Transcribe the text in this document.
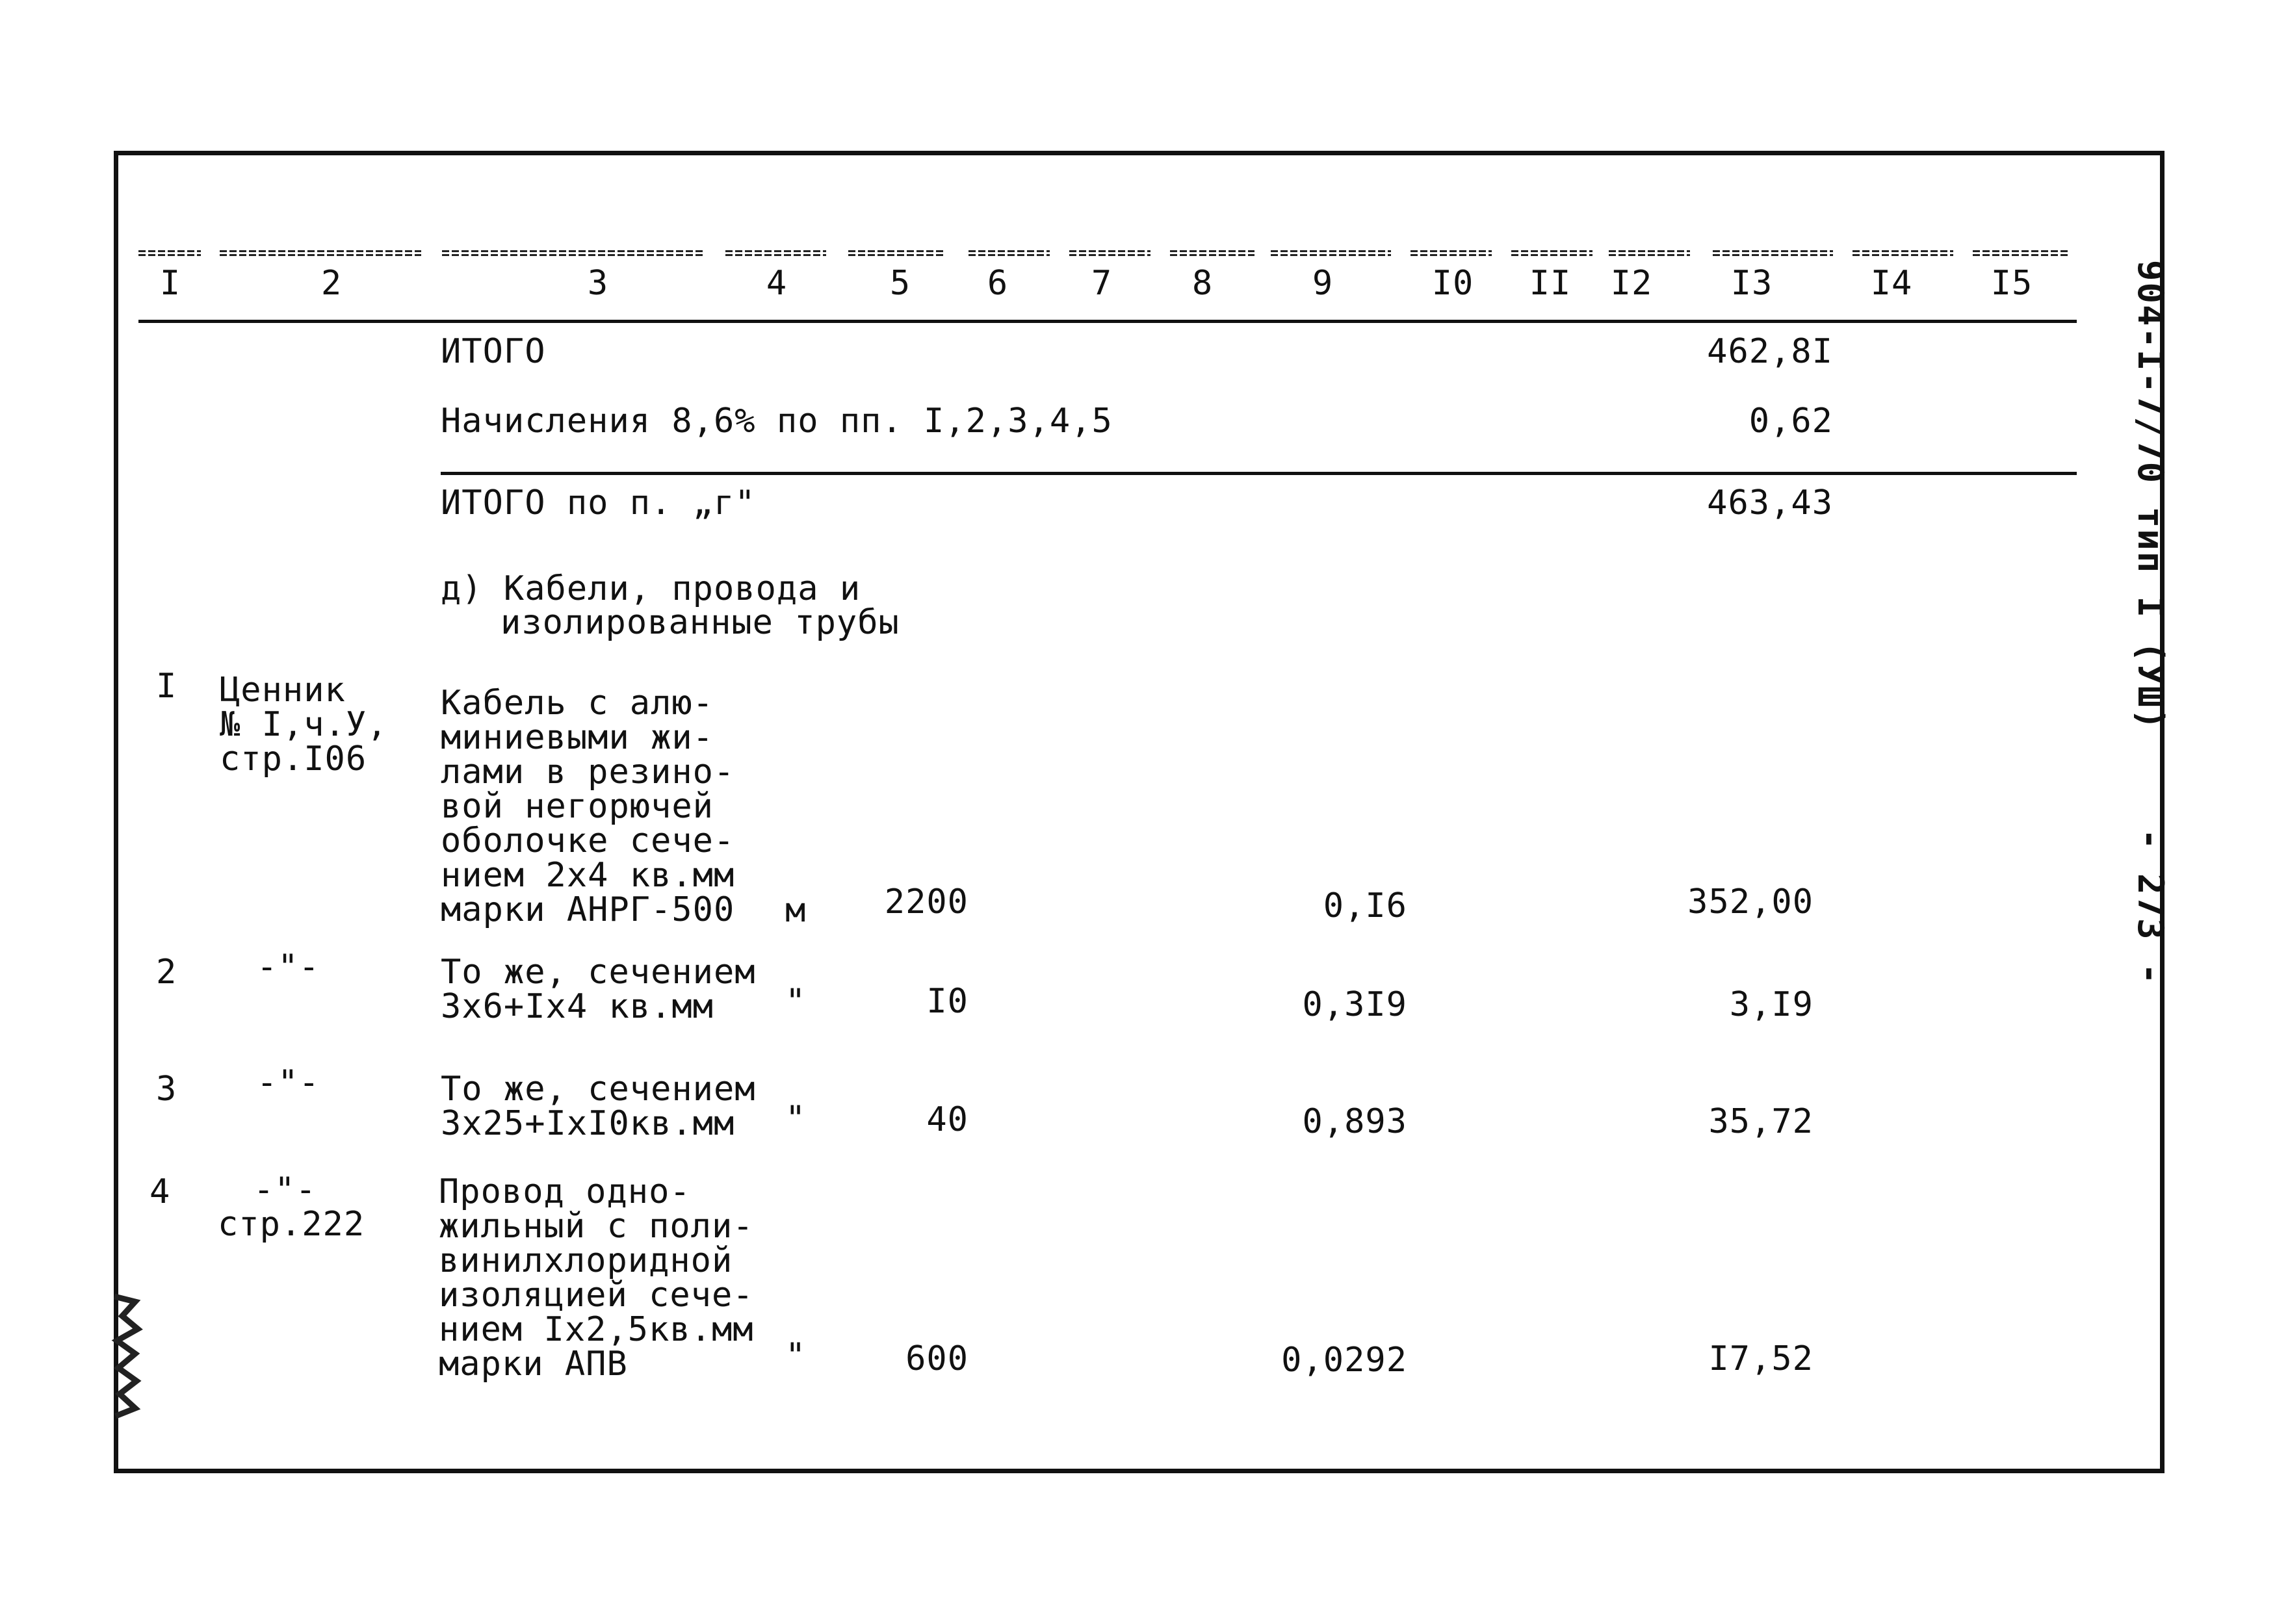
I	2	3	4	5 6 7 8	9	I0 II I2 I3	I4 I5
ИТОГО	462,8I
Начисления 8,6% по пп. I,2,3,4,5	0,62
ИТОГО по п. „г"	463,43
д) Кабели, провода и
изолированные трубы
I Ценник
№ I,ч.У,
стр.I06
Кабель с алю-
миниевыми жи-
лами в резино-
вой негорючей
оболочке сече-
нием 2х4 кв.мм
марки АНРГ-500 м	2200	0,I6	352,00
2 -"-	То же, сечением
3х6+Iх4 кв.мм	"	I0	0,3I9	3,I9
3 -"-	То же, сечением
3х25+IхI0кв.мм	"	40	0,893	35,72
4	-"-
стр.222
Провод одно-
жильный с поли-
винилхлоридной
изоляцией сече-
нием Iх2,5кв.мм
марки АПВ	"	600	0,0292	I7,52
904-I-7/70 тип I (УШ)
- 273 -
